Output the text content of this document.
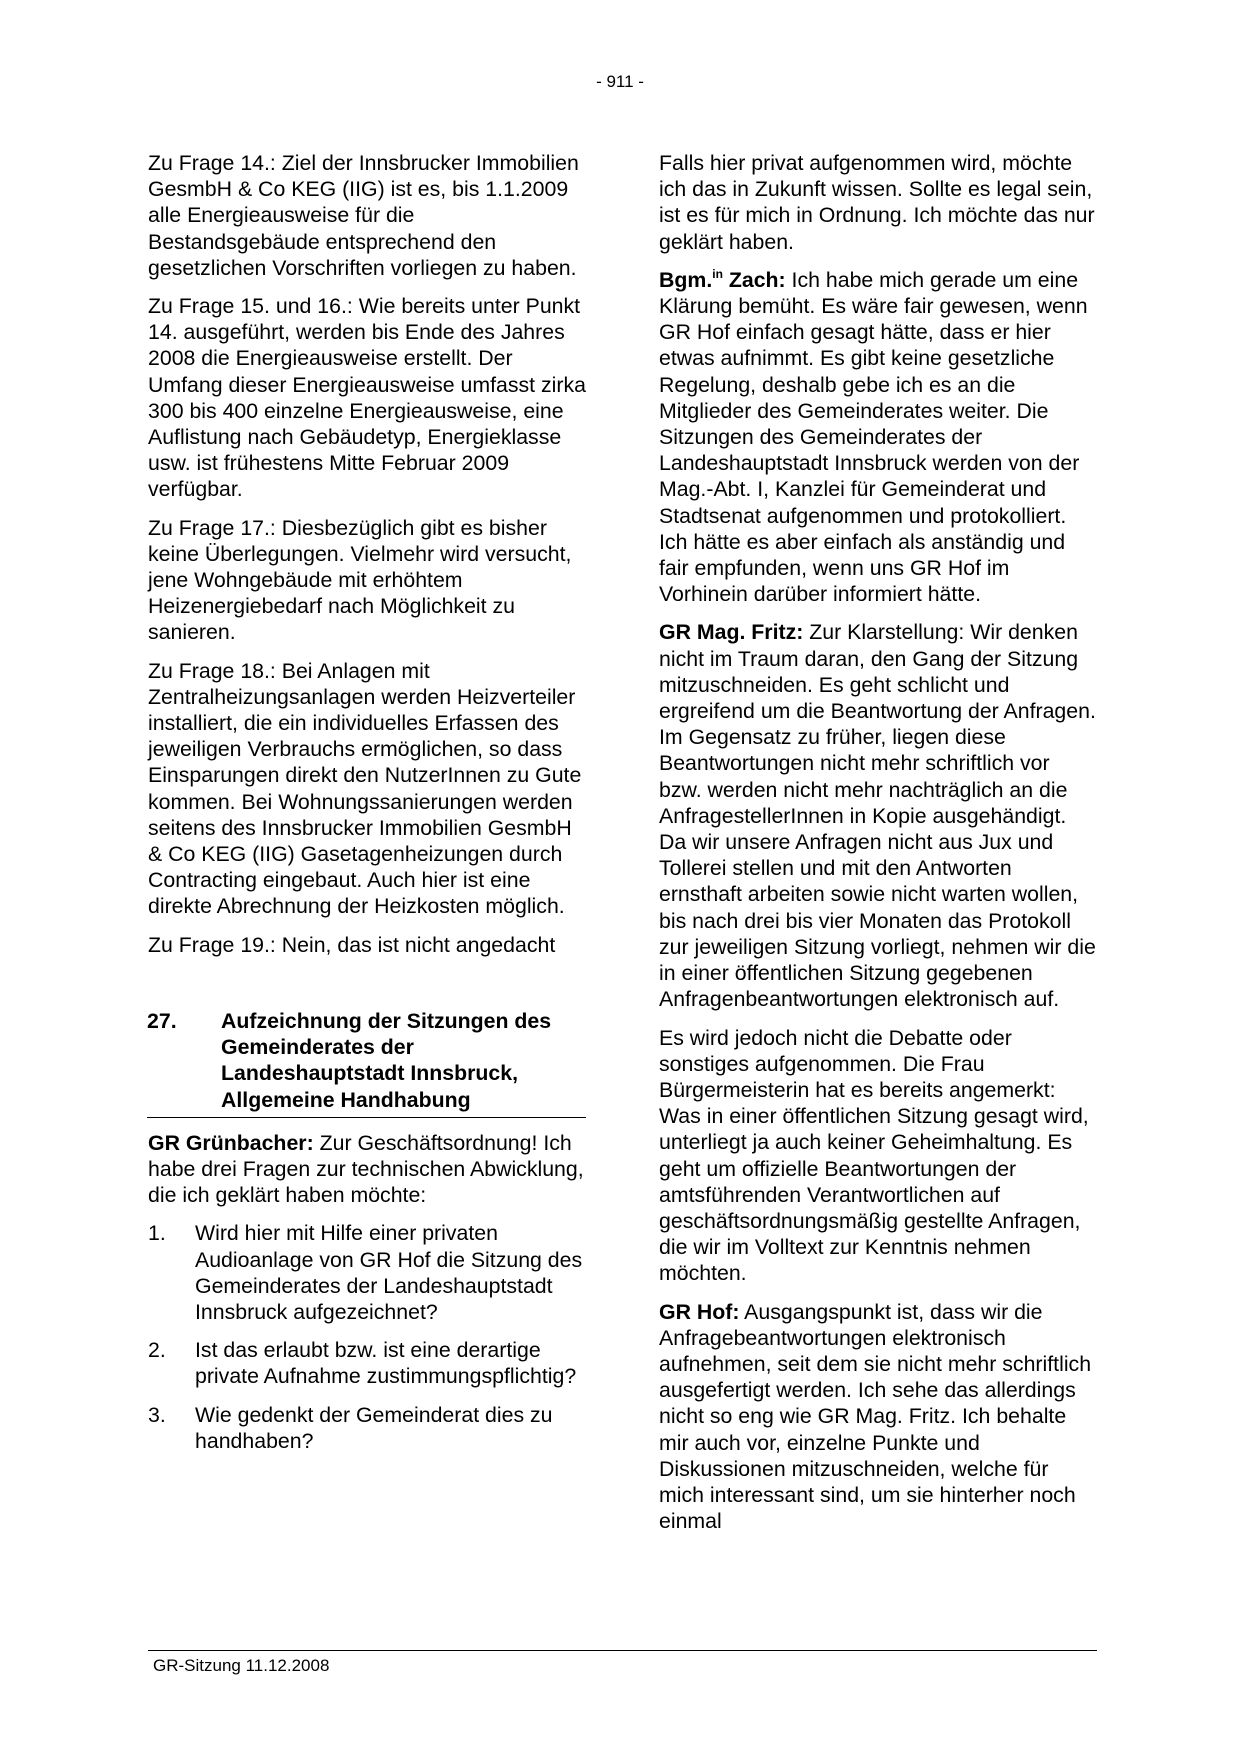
- 911 -

Zu Frage 14.: Ziel der Innsbrucker Immobilien GesmbH & Co KEG (IIG) ist es, bis 1.1.2009 alle Energieausweise für die Bestandsgebäude entsprechend den gesetzlichen Vorschriften vorliegen zu haben.

Zu Frage 15. und 16.: Wie bereits unter Punkt 14. ausgeführt, werden bis Ende des Jahres 2008 die Energieausweise erstellt. Der Umfang dieser Energieausweise umfasst zirka 300 bis 400 einzelne Energieausweise, eine Auflistung nach Gebäudetyp, Energieklasse usw. ist frühestens Mitte Februar 2009 verfügbar.

Zu Frage 17.: Diesbezüglich gibt es bisher keine Überlegungen. Vielmehr wird versucht, jene Wohngebäude mit erhöhtem Heizenergiebedarf nach Möglichkeit zu sanieren.

Zu Frage 18.: Bei Anlagen mit Zentralheizungsanlagen werden Heizverteiler installiert, die ein individuelles Erfassen des jeweiligen Verbrauchs ermöglichen, so dass Einsparungen direkt den NutzerInnen zu Gute kommen. Bei Wohnungssanierungen werden seitens des Innsbrucker Immobilien GesmbH & Co KEG (IIG) Gasetagenheizungen durch Contracting eingebaut. Auch hier ist eine direkte Abrechnung der Heizkosten möglich.

Zu Frage 19.: Nein, das ist nicht angedacht

27.	Aufzeichnung der Sitzungen des Gemeinderates der Landeshauptstadt Innsbruck, Allgemeine Handhabung

GR Grünbacher: Zur Geschäftsordnung! Ich habe drei Fragen zur technischen Abwicklung, die ich geklärt haben möchte:

1.	Wird hier mit Hilfe einer privaten Audioanlage von GR Hof die Sitzung des Gemeinderates der Landeshauptstadt Innsbruck aufgezeichnet?
2.	Ist das erlaubt bzw. ist eine derartige private Aufnahme zustimmungspflichtig?
3.	Wie gedenkt der Gemeinderat dies zu handhaben?

Falls hier privat aufgenommen wird, möchte ich das in Zukunft wissen. Sollte es legal sein, ist es für mich in Ordnung. Ich möchte das nur geklärt haben.

Bgm.$^{in}$ Zach: Ich habe mich gerade um eine Klärung bemüht. Es wäre fair gewesen, wenn GR Hof einfach gesagt hätte, dass er hier etwas aufnimmt. Es gibt keine gesetzliche Regelung, deshalb gebe ich es an die Mitglieder des Gemeinderates weiter. Die Sitzungen des Gemeinderates der Landeshauptstadt Innsbruck werden von der Mag.-Abt. I, Kanzlei für Gemeinderat und Stadtsenat aufgenommen und protokolliert. Ich hätte es aber einfach als anständig und fair empfunden, wenn uns GR Hof im Vorhinein darüber informiert hätte.

GR Mag. Fritz: Zur Klarstellung: Wir denken nicht im Traum daran, den Gang der Sitzung mitzuschneiden. Es geht schlicht und ergreifend um die Beantwortung der Anfragen. Im Gegensatz zu früher, liegen diese Beantwortungen nicht mehr schriftlich vor bzw. werden nicht mehr nachträglich an die AnfragestellerInnen in Kopie ausgehändigt. Da wir unsere Anfragen nicht aus Jux und Tollerei stellen und mit den Antworten ernsthaft arbeiten sowie nicht warten wollen, bis nach drei bis vier Monaten das Protokoll zur jeweiligen Sitzung vorliegt, nehmen wir die in einer öffentlichen Sitzung gegebenen Anfragenbeantwortungen elektronisch auf.

Es wird jedoch nicht die Debatte oder sonstiges aufgenommen. Die Frau Bürgermeisterin hat es bereits angemerkt: Was in einer öffentlichen Sitzung gesagt wird, unterliegt ja auch keiner Geheimhaltung. Es geht um offizielle Beantwortungen der amtsführenden Verantwortlichen auf geschäftsordnungsmäßig gestellte Anfragen, die wir im Volltext zur Kenntnis nehmen möchten.

GR Hof: Ausgangspunkt ist, dass wir die Anfragebeantwortungen elektronisch aufnehmen, seit dem sie nicht mehr schriftlich ausgefertigt werden. Ich sehe das allerdings nicht so eng wie GR Mag. Fritz. Ich behalte mir auch vor, einzelne Punkte und Diskussionen mitzuschneiden, welche für mich interessant sind, um sie hinterher noch einmal

GR-Sitzung 11.12.2008
